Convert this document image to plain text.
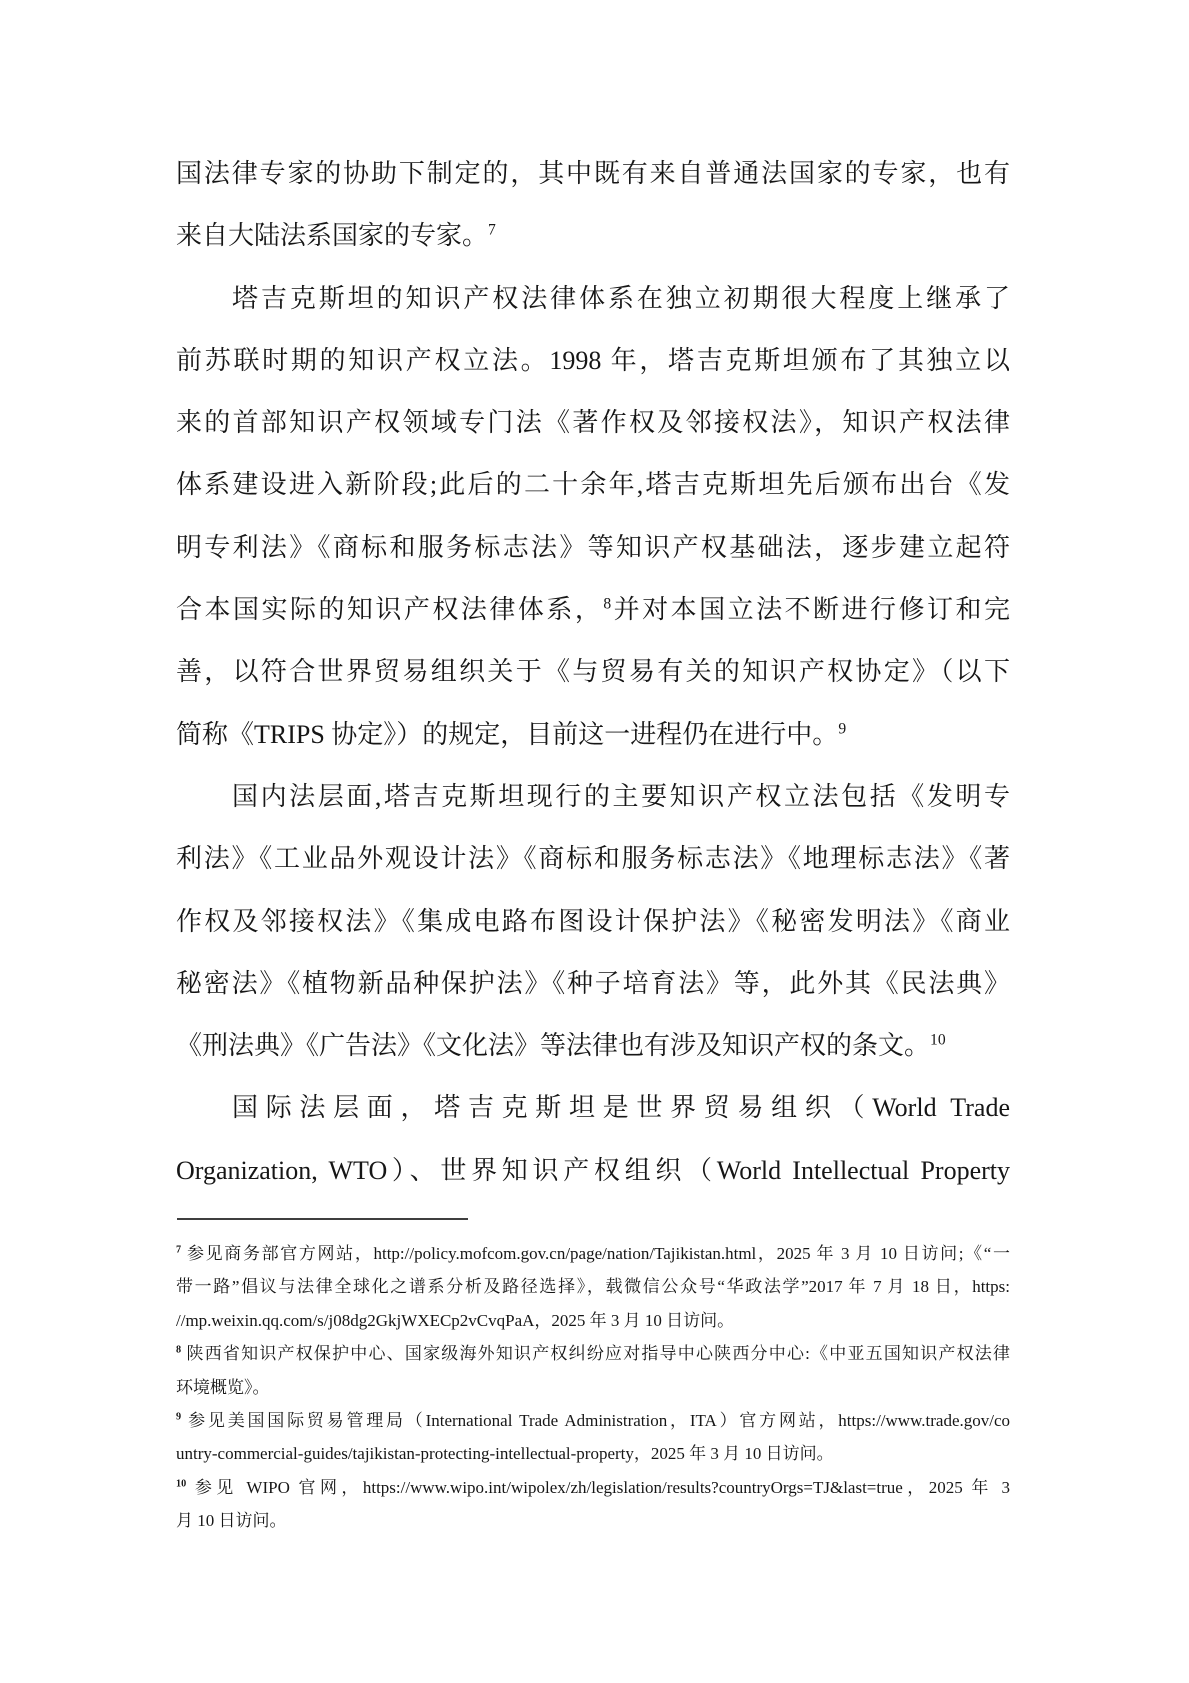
国法律专家的协助下制定的，其中既有来自普通法国家的专家，也有
来自大陆法系国家的专家。$^7$
塔吉克斯坦的知识产权法律体系在独立初期很大程度上继承了
前苏联时期的知识产权立法。1998 年，塔吉克斯坦颁布了其独立以
来的首部知识产权领域专门法《著作权及邻接权法》，知识产权法律
体系建设进入新阶段;此后的二十余年,塔吉克斯坦先后颁布出台《发
明专利法》《商标和服务标志法》等知识产权基础法，逐步建立起符
合本国实际的知识产权法律体系，$^8$并对本国立法不断进行修订和完
善，以符合世界贸易组织关于《与贸易有关的知识产权协定》（以下
简称《TRIPS 协定》）的规定，目前这一进程仍在进行中。$^9$
国内法层面,塔吉克斯坦现行的主要知识产权立法包括《发明专
利法》《工业品外观设计法》《商标和服务标志法》《地理标志法》《著
作权及邻接权法》《集成电路布图设计保护法》《秘密发明法》《商业
秘密法》《植物新品种保护法》《种子培育法》等，此外其《民法典》
《刑法典》《广告法》《文化法》等法律也有涉及知识产权的条文。$^{10}$
国际法层面，塔吉克斯坦是世界贸易组织（World Trade
Organization, WTO）、世界知识产权组织（World Intellectual Property
$^7$ 参见商务部官方网站，http://policy.mofcom.gov.cn/page/nation/Tajikistan.html，2025 年 3 月 10 日访问;《“一
带一路”倡议与法律全球化之谱系分析及路径选择》，载微信公众号“华政法学”2017 年 7 月 18 日，https:
//mp.weixin.qq.com/s/j08dg2GkjWXECp2vCvqPaA，2025 年 3 月 10 日访问。
$^8$ 陕西省知识产权保护中心、国家级海外知识产权纠纷应对指导中心陕西分中心:《中亚五国知识产权法律
环境概览》。
$^9$ 参见美国国际贸易管理局（International Trade Administration，ITA）官方网站，https://www.trade.gov/co
untry-commercial-guides/tajikistan-protecting-intellectual-property，2025 年 3 月 10 日访问。
$^{10}$ 参见 WIPO 官网，https://www.wipo.int/wipolex/zh/legislation/results?countryOrgs=TJ&last=true，2025 年 3
月 10 日访问。
